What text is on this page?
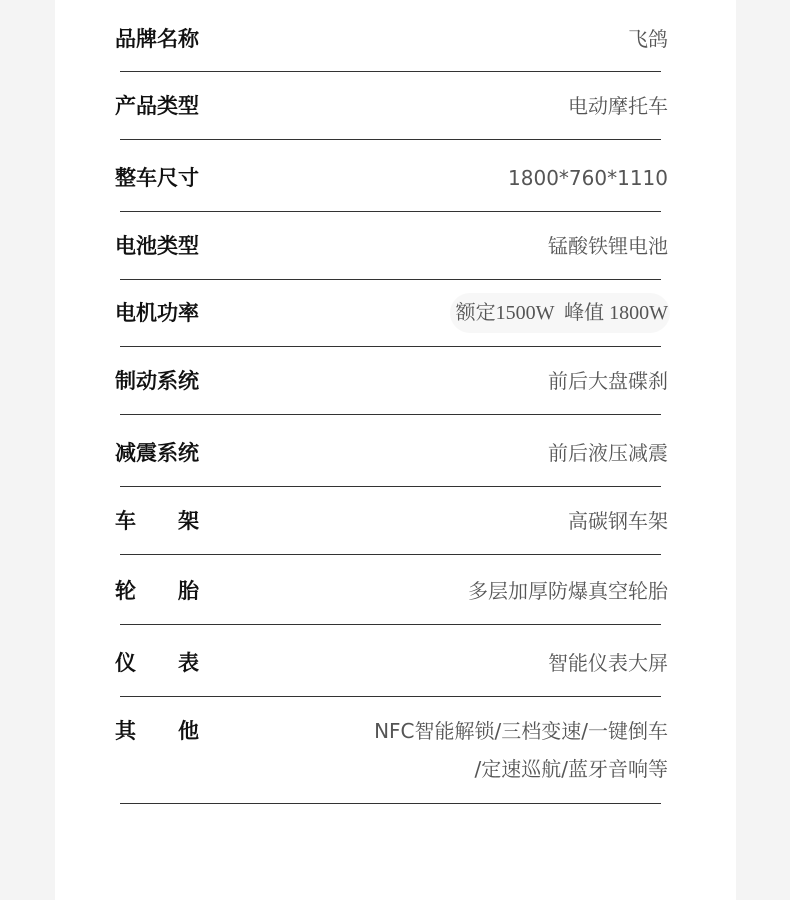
品牌名称	飞鸽
产品类型	电动摩托车
整车尺寸	1800*760*1110
电池类型	锰酸铁锂电池
电机功率	额定1500W  峰值 1800W
制动系统	前后大盘碟刹
减震系统	前后液压减震
车　　架	高碳钢车架
轮　　胎	多层加厚防爆真空轮胎
仪　　表	智能仪表大屏
其　　他	NFC智能解锁/三档变速/一键倒车
/定速巡航/蓝牙音响等
